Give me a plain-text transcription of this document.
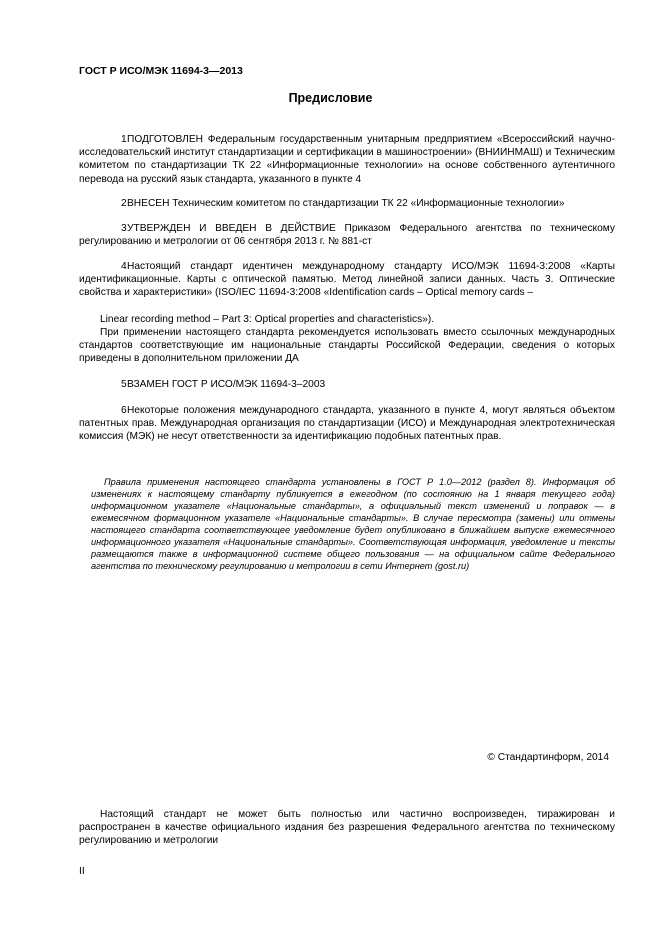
ГОСТ Р ИСО/МЭК 11694-3—2013
Предисловие
1ПОДГОТОВЛЕН Федеральным государственным унитарным предприятием «Всероссийский научно-исследовательский институт стандартизации и сертификации в машиностроении» (ВНИИНМАШ) и Техническим комитетом по стандартизации ТК 22 «Информационные технологии» на основе собственного аутентичного перевода на русский язык стандарта, указанного в пункте 4
2ВНЕСЕН Техническим комитетом по стандартизации ТК 22 «Информационные технологии»
3УТВЕРЖДЕН И ВВЕДЕН В ДЕЙСТВИЕ Приказом Федерального агентства по техническому регулированию и метрологии от 06 сентября 2013 г. № 881-ст
4Настоящий стандарт идентичен международному стандарту ИСО/МЭК 11694-3:2008 «Карты идентификационные. Карты с оптической памятью. Метод линейной записи данных. Часть 3. Оптические свойства и характеристики» (ISO/IEC 11694-3:2008 «Identification cards – Optical memory cards –
Linear recording method – Part 3: Optical properties and characteristics»).
При применении настоящего стандарта рекомендуется использовать вместо ссылочных международных стандартов соответствующие им национальные стандарты Российской Федерации, сведения о которых приведены в дополнительном приложении ДА
5ВЗАМЕН ГОСТ Р ИСО/МЭК 11694-3–2003
6Некоторые положения международного стандарта, указанного в пункте 4, могут являться объектом патентных прав. Международная организация по стандартизации (ИСО) и Международная электротехническая комиссия (МЭК) не несут ответственности за идентификацию подобных патентных прав.
Правила применения настоящего стандарта установлены в ГОСТ Р 1.0—2012 (раздел 8). Информация об изменениях к настоящему стандарту публикуется в ежегодном (по состоянию на 1 января текущего года) информационном указателе «Национальные стандарты», а официальный текст изменений и поправок — в ежемесячном формационном указателе «Национальные стандарты». В случае пересмотра (замены) или отмены настоящего стандарта соответствующее уведомление будет опубликовано в ближайшем выпуске ежемесячного информационного указателя «Национальные стандарты». Соответствующая информация, уведомление и тексты размещаются также в информационной системе общего пользования — на официальном сайте Федерального агентства по техническому регулированию и метрологии в сети Интернет (gost.ru)
© Стандартинформ, 2014
Настоящий стандарт не может быть полностью или частично воспроизведен, тиражирован и распространен в качестве официального издания без разрешения Федерального агентства по техническому регулированию и метрологии
II
